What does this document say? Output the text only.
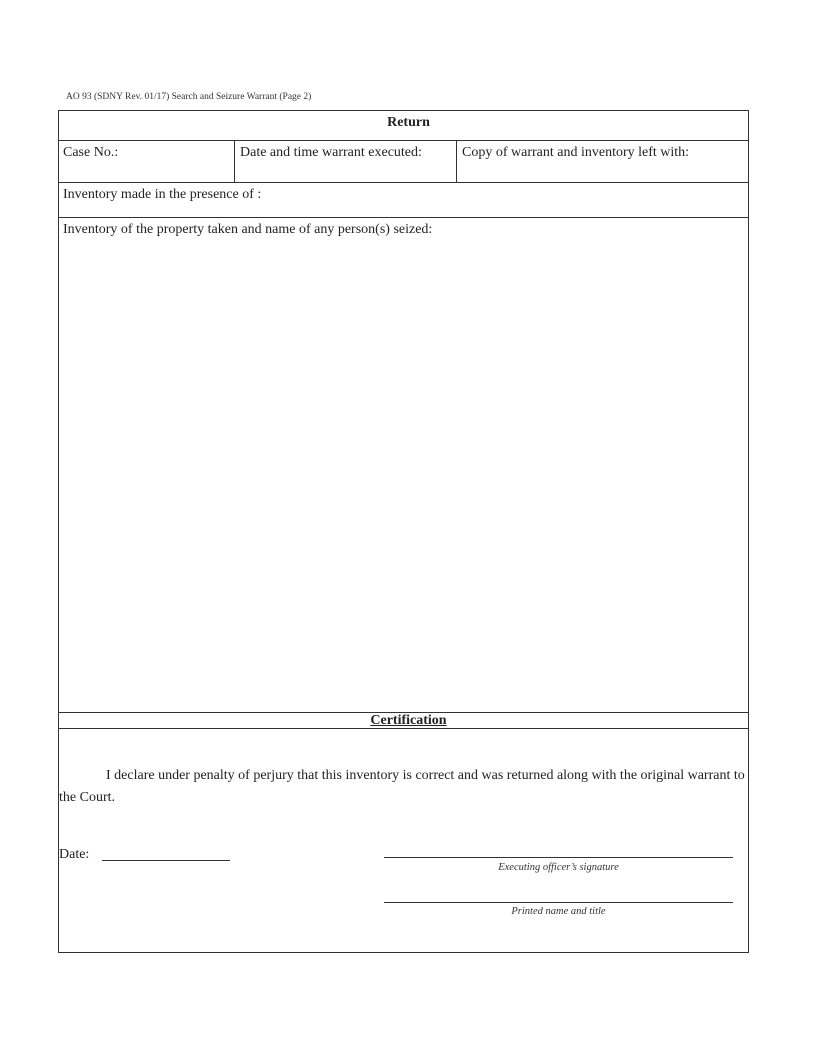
AO 93 (SDNY Rev. 01/17) Search and Seizure Warrant (Page 2)
Return
Case No.:	Date and time warrant executed:	Copy of warrant and inventory left with:
Inventory made in the presence of :
Inventory of the property taken and name of any person(s) seized:
Certification
I declare under penalty of perjury that this inventory is correct and was returned along with the original warrant to the Court.
Date:
Executing officer’s signature
Printed name and title
